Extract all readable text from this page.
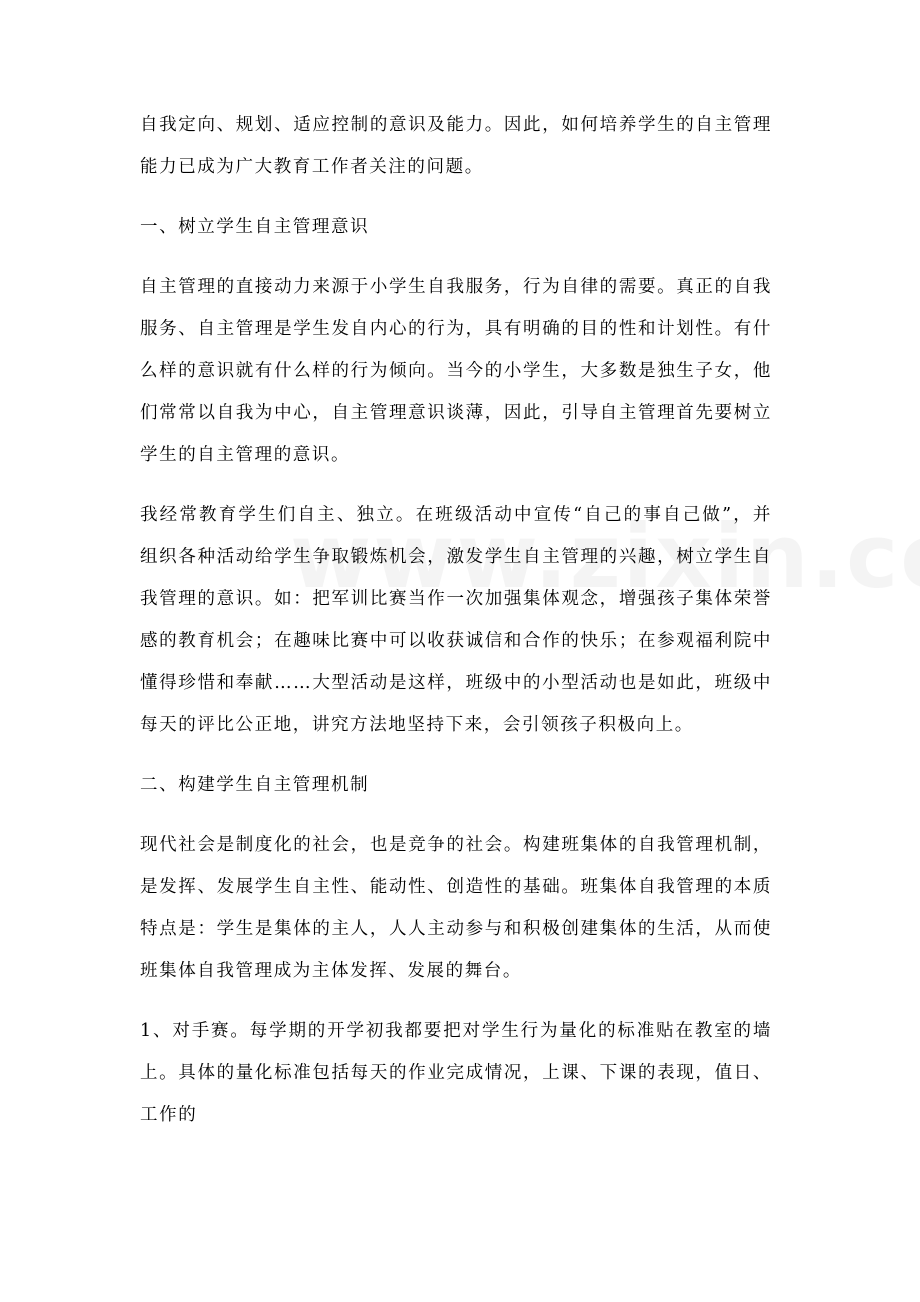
自我定向、规划、适应控制的意识及能力。因此，如何培养学生的自主管理能力已成为广大教育工作者关注的问题。

一、树立学生自主管理意识

自主管理的直接动力来源于小学生自我服务，行为自律的需要。真正的自我服务、自主管理是学生发自内心的行为，具有明确的目的性和计划性。有什么样的意识就有什么样的行为倾向。当今的小学生，大多数是独生子女，他们常常以自我为中心，自主管理意识谈薄，因此，引导自主管理首先要树立学生的自主管理的意识。

我经常教育学生们自主、独立。在班级活动中宣传“自己的事自己做”，并组织各种活动给学生争取锻炼机会，激发学生自主管理的兴趣，树立学生自我管理的意识。如：把军训比赛当作一次加强集体观念，增强孩子集体荣誉感的教育机会；在趣味比赛中可以收获诚信和合作的快乐；在参观福利院中懂得珍惜和奉献……大型活动是这样，班级中的小型活动也是如此，班级中每天的评比公正地，讲究方法地坚持下来，会引领孩子积极向上。

二、构建学生自主管理机制

现代社会是制度化的社会，也是竞争的社会。构建班集体的自我管理机制，是发挥、发展学生自主性、能动性、创造性的基础。班集体自我管理的本质特点是：学生是集体的主人，人人主动参与和积极创建集体的生活，从而使班集体自我管理成为主体发挥、发展的舞台。

1、对手赛。每学期的开学初我都要把对学生行为量化的标准贴在教室的墙上。具体的量化标准包括每天的作业完成情况，上课、下课的表现，值日、工作的
